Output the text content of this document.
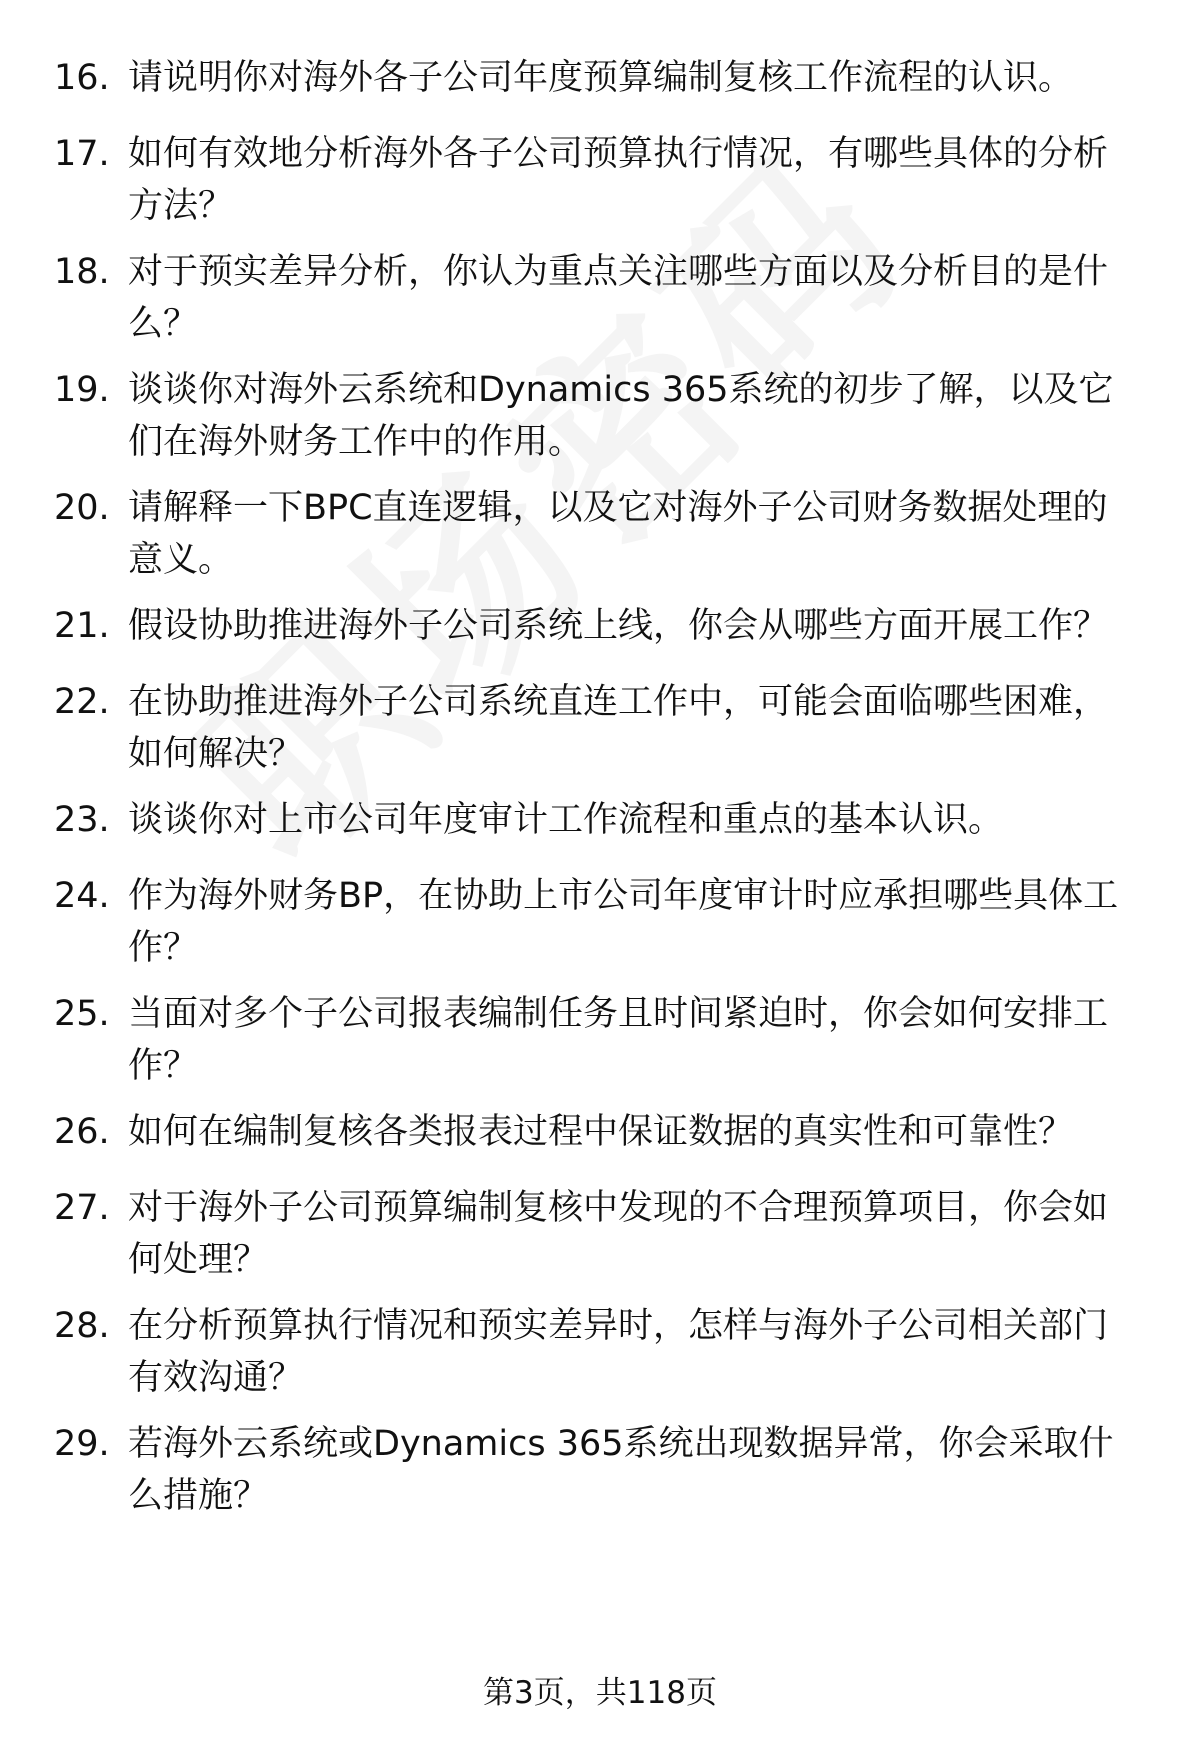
16. 请说明你对海外各子公司年度预算编制复核工作流程的认识。
17. 如何有效地分析海外各子公司预算执行情况，有哪些具体的分析
方法？
18. 对于预实差异分析，你认为重点关注哪些方面以及分析目的是什
么？
19. 谈谈你对海外云系统和Dynamics 365系统的初步了解，以及它
们在海外财务工作中的作用。
20. 请解释一下BPC直连逻辑，以及它对海外子公司财务数据处理的
意义。
21. 假设协助推进海外子公司系统上线，你会从哪些方面开展工作？
22. 在协助推进海外子公司系统直连工作中，可能会面临哪些困难，
如何解决？
23. 谈谈你对上市公司年度审计工作流程和重点的基本认识。
24. 作为海外财务BP，在协助上市公司年度审计时应承担哪些具体工
作？
25. 当面对多个子公司报表编制任务且时间紧迫时，你会如何安排工
作？
26. 如何在编制复核各类报表过程中保证数据的真实性和可靠性？
27. 对于海外子公司预算编制复核中发现的不合理预算项目，你会如
何处理？
28. 在分析预算执行情况和预实差异时，怎样与海外子公司相关部门
有效沟通？
29. 若海外云系统或Dynamics 365系统出现数据异常，你会采取什
么措施？
第3页，共118页
